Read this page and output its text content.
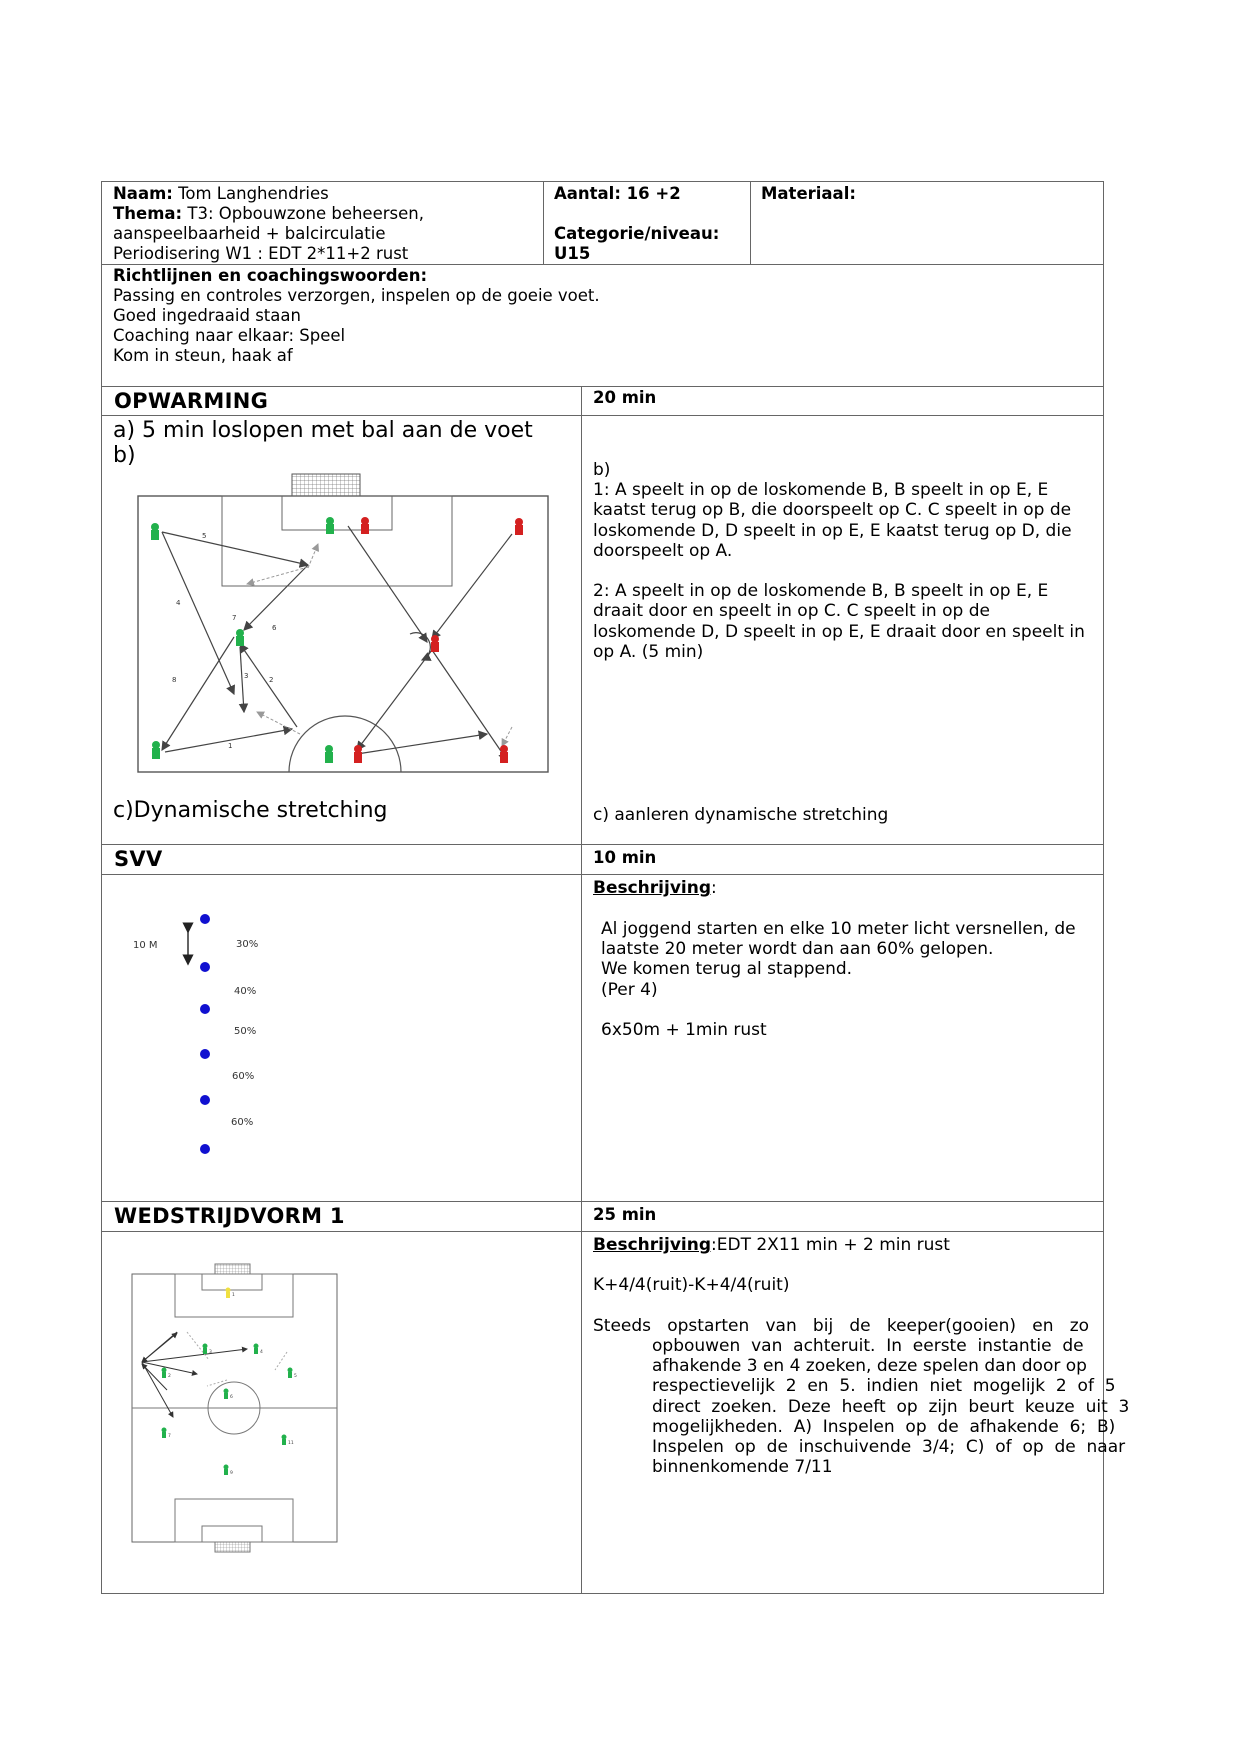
Naam: Tom Langhendries
Thema: T3: Opbouwzone beheersen,
aanspeelbaarheid + balcirculatie
Periodisering W1 : EDT 2*11+2 rust
Aantal: 16 +2

Categorie/niveau:
U15
Materiaal:
Richtlijnen en coachingswoorden:
Passing en controles verzorgen, inspelen op de goeie voet.
Goed ingedraaid staan
Coaching naar elkaar: Speel
Kom in steun, haak af
OPWARMING	20 min
a) 5 min loslopen met bal aan de voet
b)
5
4
7
6
3	2
8
1
c)Dynamische stretching
b)
1: A speelt in op de loskomende B, B speelt in op E, E
kaatst terug op B, die doorspeelt op C. C speelt in op de
loskomende D, D speelt in op E, E kaatst terug op D, die
doorspeelt op A.

2: A speelt in op de loskomende B, B speelt in op E, E
draait door en speelt in op C. C speelt in op de
loskomende D, D speelt in op E, E draait door en speelt in
op A. (5 min)
c) aanleren dynamische stretching
SVV	10 min
10 M	30%
40%
50%
60%
60%
Beschrijving:
Al joggend starten en elke 10 meter licht versnellen, de
laatste 20 meter wordt dan aan 60% gelopen.
We komen terug al stappend.
(Per 4)

6x50m + 1min rust
WEDSTRIJDVORM 1	25 min
1
3	4
5
2
6
7
11
9
Beschrijving:EDT 2X11 min + 2 min rust

K+4/4(ruit)-K+4/4(ruit)

Steeds   opstarten   van   bij   de   keeper(gooien)   en   zo
opbouwen  van  achteruit.  In  eerste  instantie  de
afhakende 3 en 4 zoeken, deze spelen dan door op
respectievelijk  2  en  5.  indien  niet  mogelijk  2  of  5
direct  zoeken.  Deze  heeft  op  zijn  beurt  keuze  uit  3
mogelijkheden.  A)  Inspelen  op  de  afhakende  6;  B)
Inspelen  op  de  inschuivende  3/4;  C)  of  op  de  naar
binnenkomende 7/11
